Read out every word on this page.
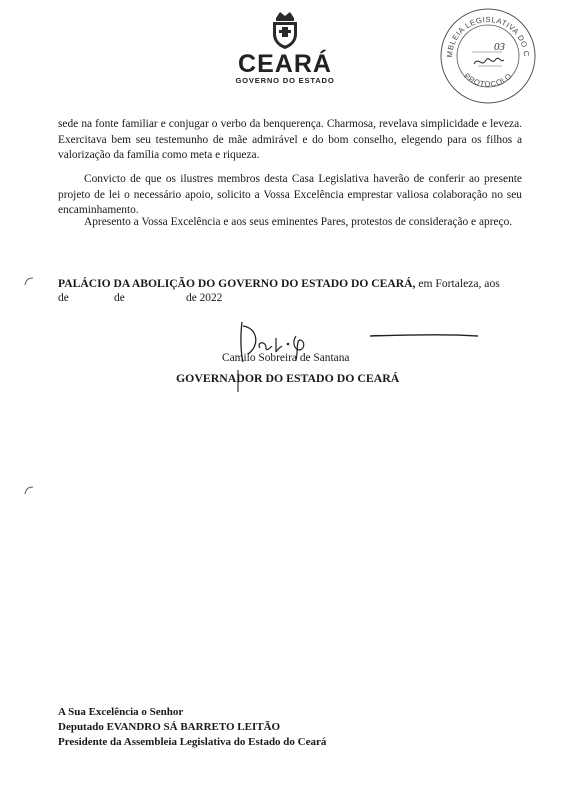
CEARÁ
GOVERNO DO ESTADO
MBLEIA LEGISLATIVA DO C
PROTOCOLO
03
sede na fonte familiar e conjugar o verbo da benquerença. Charmosa, revelava simplicidade e leveza. Exercitava bem seu testemunho de mãe admirável e do bom conselho, elegendo para os filhos a valorização da família como meta e riqueza.
Convicto de que os ilustres membros desta Casa Legislativa haverão de conferir ao presente projeto de lei o necessário apoio, solicito a Vossa Excelência emprestar valiosa colaboração no seu encaminhamento.
Apresento a Vossa Excelência e aos seus eminentes Pares, protestos de consideração e apreço.
PALÁCIO DA ABOLIÇÃO DO GOVERNO DO ESTADO DO CEARÁ, em Fortaleza, aos
de	de	de 2022
Camilo Sobreira de Santana
GOVERNADOR DO ESTADO DO CEARÁ
A Sua Excelência o Senhor
Deputado EVANDRO SÁ BARRETO LEITÃO
Presidente da Assembleia Legislativa do Estado do Ceará
